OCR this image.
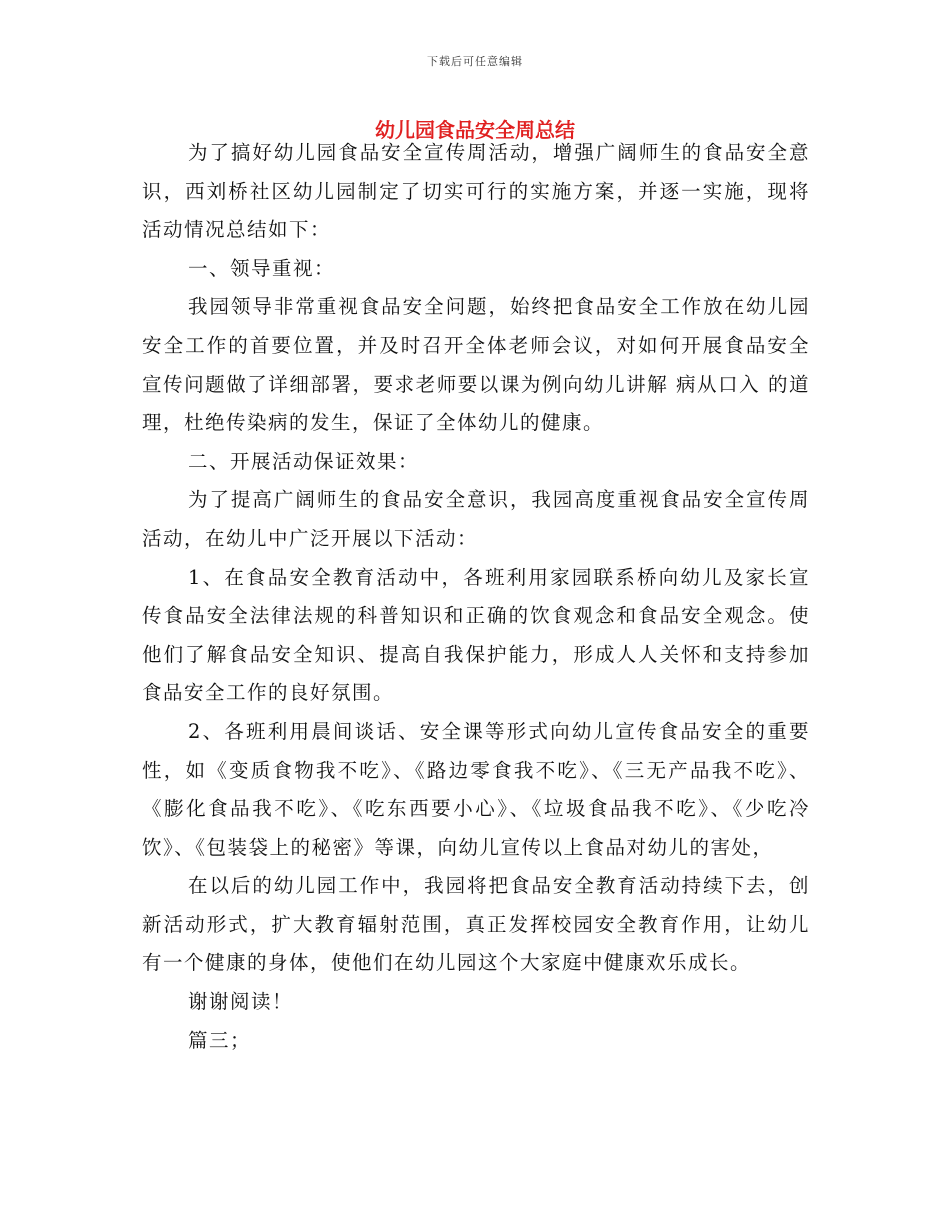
下载后可任意编辑
幼儿园食品安全周总结

为了搞好幼儿园食品安全宣传周活动，增强广阔师生的食品安全意识，西刘桥社区幼儿园制定了切实可行的实施方案，并逐一实施，现将活动情况总结如下：

一、领导重视：

我园领导非常重视食品安全问题，始终把食品安全工作放在幼儿园安全工作的首要位置，并及时召开全体老师会议，对如何开展食品安全宣传问题做了详细部署，要求老师要以课为例向幼儿讲解 病从口入 的道理，杜绝传染病的发生，保证了全体幼儿的健康。

二、开展活动保证效果：

为了提高广阔师生的食品安全意识，我园高度重视食品安全宣传周活动，在幼儿中广泛开展以下活动：

1、在食品安全教育活动中，各班利用家园联系桥向幼儿及家长宣传食品安全法律法规的科普知识和正确的饮食观念和食品安全观念。使他们了解食品安全知识、提高自我保护能力，形成人人关怀和支持参加食品安全工作的良好氛围。

2、各班利用晨间谈话、安全课等形式向幼儿宣传食品安全的重要性，如《变质食物我不吃》、《路边零食我不吃》、《三无产品我不吃》、《膨化食品我不吃》、《吃东西要小心》、《垃圾食品我不吃》、《少吃冷饮》、《包装袋上的秘密》等课，向幼儿宣传以上食品对幼儿的害处，

在以后的幼儿园工作中，我园将把食品安全教育活动持续下去，创新活动形式，扩大教育辐射范围，真正发挥校园安全教育作用，让幼儿有一个健康的身体，使他们在幼儿园这个大家庭中健康欢乐成长。

谢谢阅读！

篇三；
